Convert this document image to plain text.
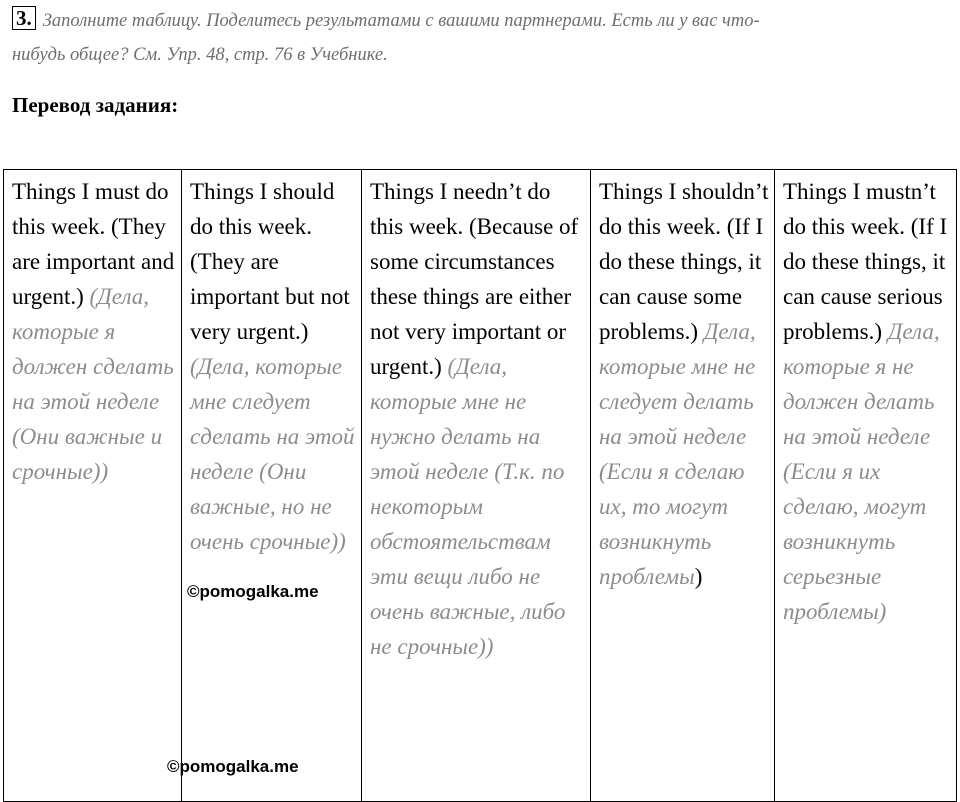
3. Заполните таблицу. Поделитесь результатами с вашими партнерами. Есть ли у вас что-
нибудь общее? См. Упр. 48, стр. 76 в Учебнике.
Перевод задания:
Things I must do this week. (They are important and urgent.) (Дела, которые я должен сделать на этой неделе (Они важные и срочные))	Things I should do this week. (They are important but not very urgent.) (Дела, которые мне следует сделать на этой неделе (Они важные, но не очень срочные))	Things I needn’t do this week. (Because of some circumstances these things are either not very important or urgent.) (Дела, которые мне не нужно делать на этой неделе (Т.к. по некоторым обстоятельствам эти вещи либо не очень важные, либо не срочные))	Things I shouldn’t do this week. (If I do these things, it can cause some problems.) Дела, которые мне не следует делать на этой неделе (Если я сделаю их, то могут возникнуть проблемы)	Things I mustn’t do this week. (If I do these things, it can cause serious problems.) Дела, которые я не должен делать на этой неделе (Если я их сделаю, могут возникнуть серьезные проблемы)
©pomogalka.me
©pomogalka.me
